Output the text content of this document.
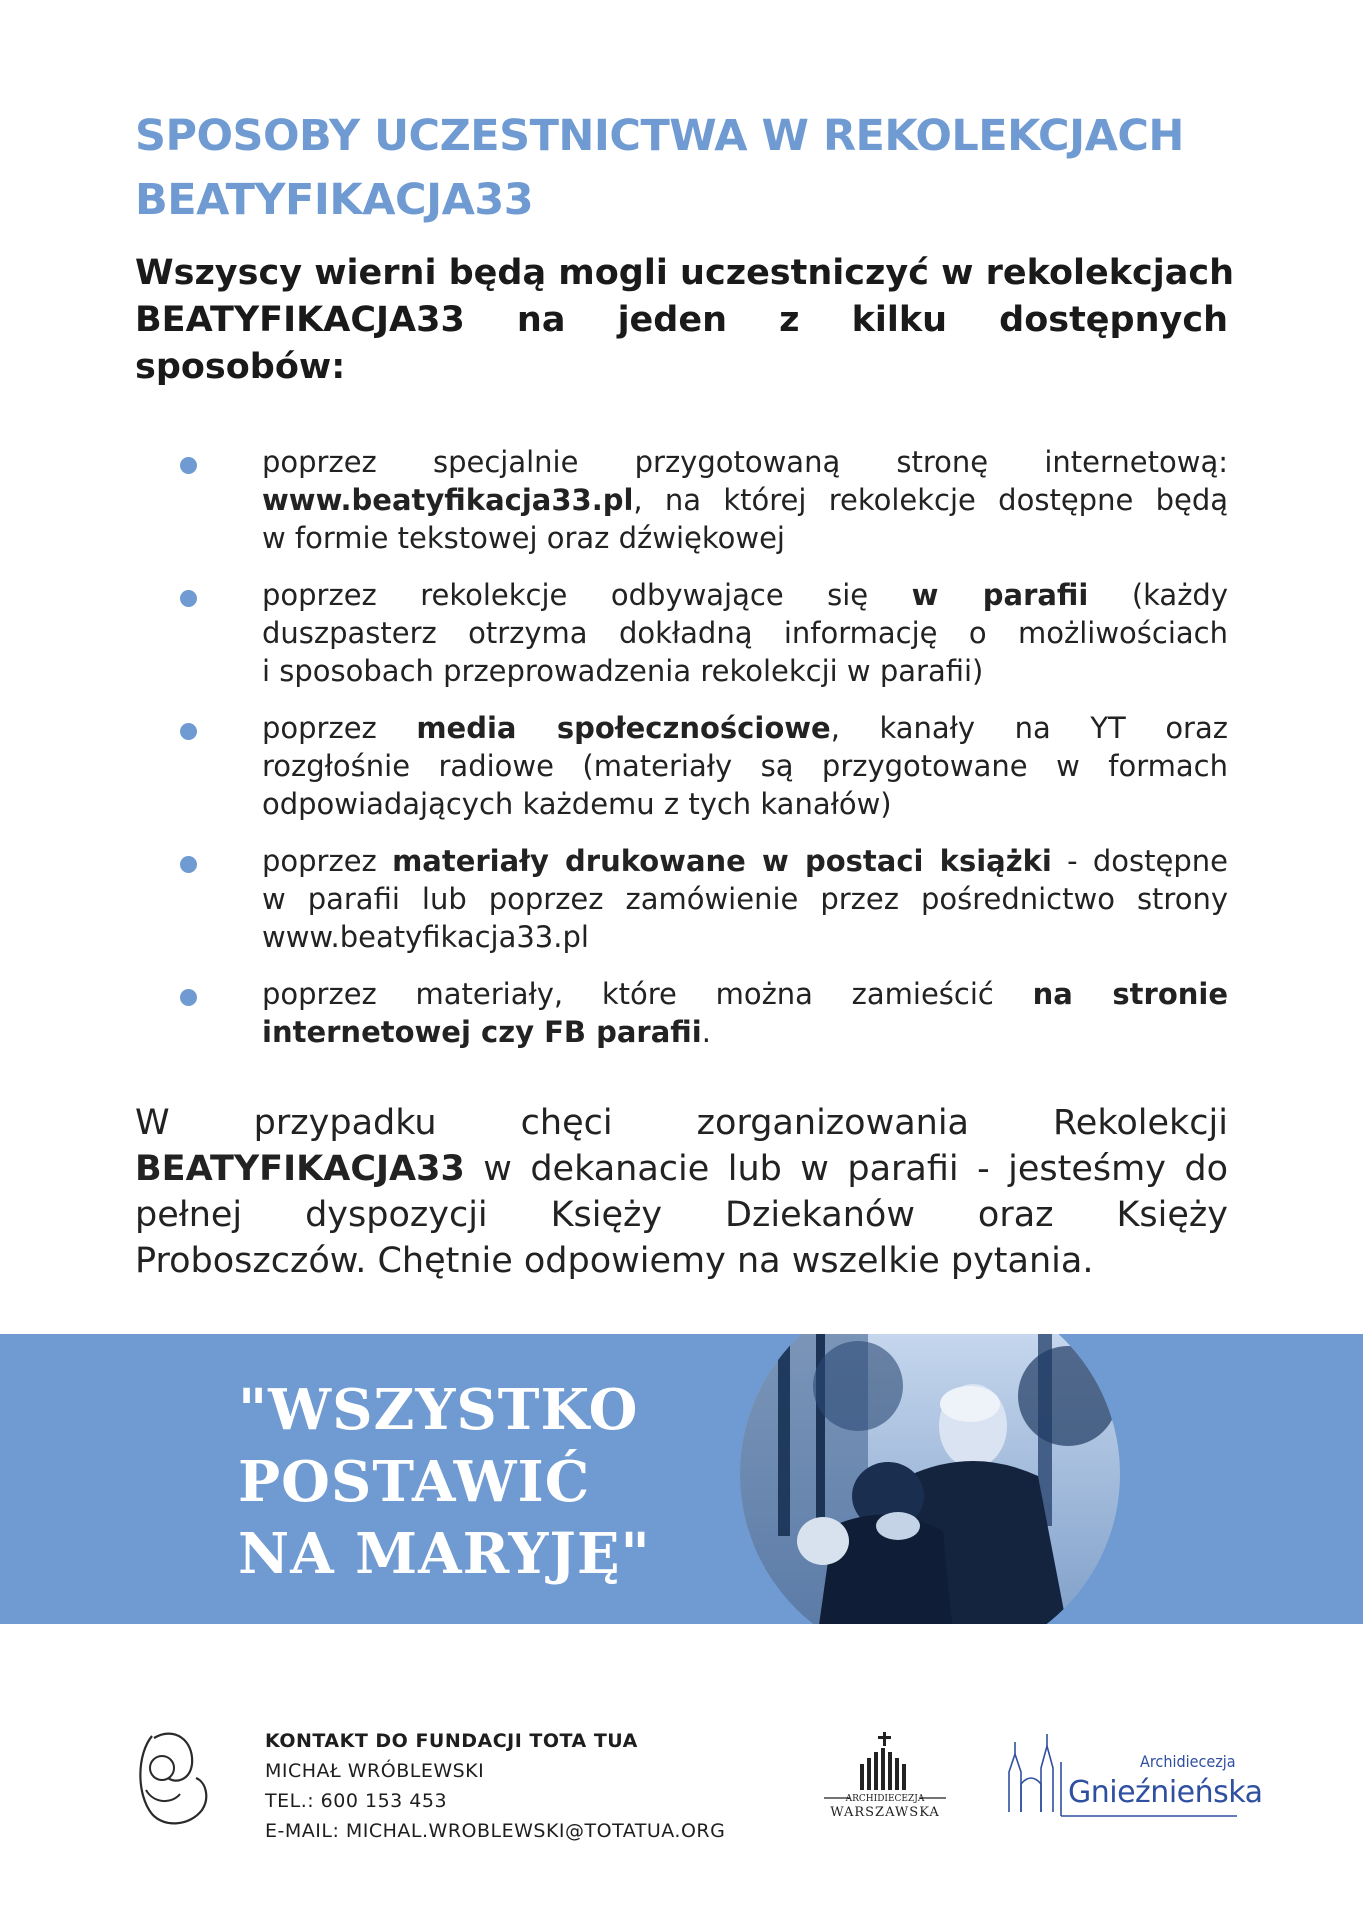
SPOSOBY UCZESTNICTWA W REKOLEKCJACH
BEATYFIKACJA33
Wszyscy wierni będą mogli uczestniczyć w rekolekcjach
BEATYFIKACJA33 na jeden z kilku dostępnych
sposobów:
poprzez specjalnie przygotowaną stronę internetową:
www.beatyfikacja33.pl, na której rekolekcje dostępne będą
w formie tekstowej oraz dźwiękowej
poprzez rekolekcje odbywające się w parafii (każdy
duszpasterz otrzyma dokładną informację o możliwościach
i sposobach przeprowadzenia rekolekcji w parafii)
poprzez media społecznościowe, kanały na YT oraz
rozgłośnie radiowe (materiały są przygotowane w formach
odpowiadających każdemu z tych kanałów)
poprzez materiały drukowane w postaci książki - dostępne
w parafii lub poprzez zamówienie przez pośrednictwo strony
www.beatyfikacja33.pl
poprzez materiały, które można zamieścić na stronie
internetowej czy FB parafii.
W przypadku chęci zorganizowania Rekolekcji
BEATYFIKACJA33 w dekanacie lub w parafii - jesteśmy do
pełnej dyspozycji Księży Dziekanów oraz Księży
Proboszczów. Chętnie odpowiemy na wszelkie pytania.
"WSZYSTKO
POSTAWIĆ
NA MARYJĘ"
KONTAKT DO FUNDACJI TOTA TUA
MICHAŁ WRÓBLEWSKI
TEL.: 600 153 453
E-MAIL: MICHAL.WROBLEWSKI@TOTATUA.ORG
ARCHIDIECEZJA
WARSZAWSKA
Archidiecezja
Gnieźnieńska
